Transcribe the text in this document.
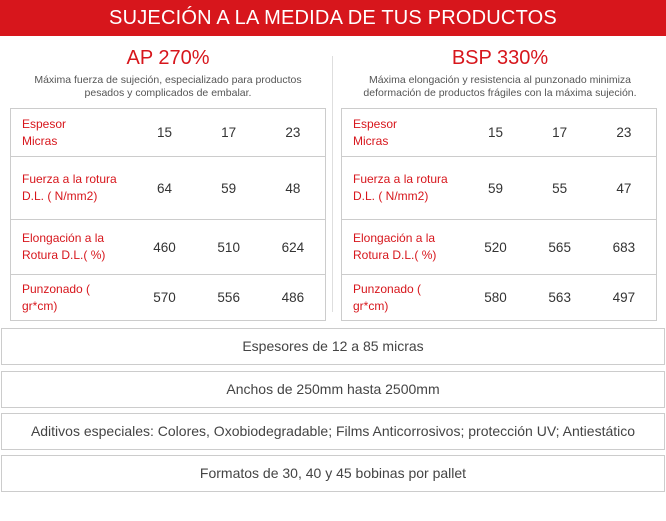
SUJECIÓN A LA MEDIDA DE TUS PRODUCTOS
AP 270%
Máxima fuerza de sujeción, especializado para productos pesados y complicados de embalar.
Espesor
Micras	15	17	23
Fuerza a la rotura
D.L. ( N/mm2)	64	59	48
Elongación a la
Rotura D.L.( %)	460	510	624
Punzonado (
gr*cm)	570	556	486
BSP 330%
Máxima elongación y resistencia al punzonado minimiza deformación de productos frágiles con la máxima sujeción.
Espesor
Micras	15	17	23
Fuerza a la rotura
D.L. ( N/mm2)	59	55	47
Elongación a la
Rotura D.L.( %)	520	565	683
Punzonado (
gr*cm)	580	563	497
Espesores de 12 a 85 micras
Anchos de 250mm hasta 2500mm
Aditivos especiales: Colores, Oxobiodegradable; Films Anticorrosivos; protección UV; Antiestático
Formatos de 30, 40 y 45 bobinas por pallet
